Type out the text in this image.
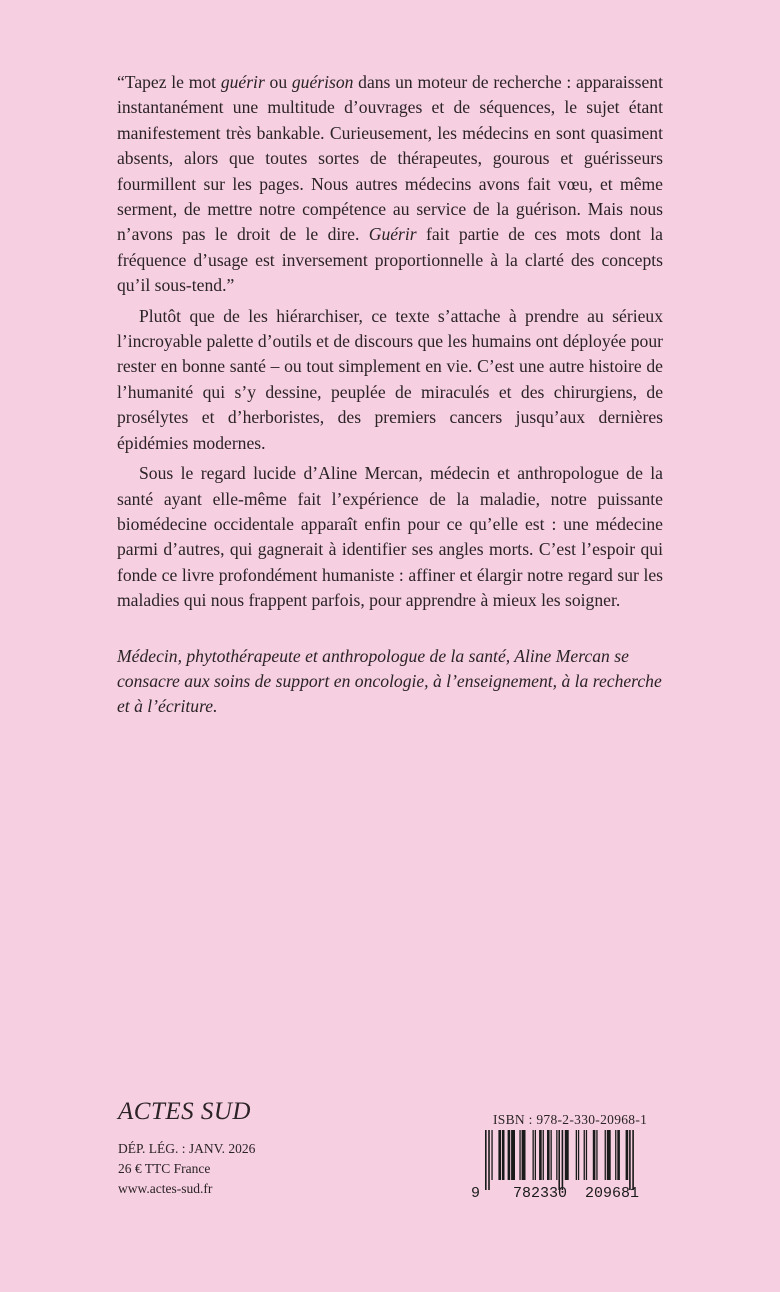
“Tapez le mot guérir ou guérison dans un moteur de recherche : apparaissent instantanément une multitude d’ouvrages et de séquences, le sujet étant manifestement très bankable. Curieusement, les médecins en sont quasiment absents, alors que toutes sortes de thérapeutes, gourous et guérisseurs fourmillent sur les pages. Nous autres médecins avons fait vœu, et même serment, de mettre notre compétence au service de la guérison. Mais nous n’avons pas le droit de le dire. Guérir fait partie de ces mots dont la fréquence d’usage est inversement proportionnelle à la clarté des concepts qu’il sous-tend.”

Plutôt que de les hiérarchiser, ce texte s’attache à prendre au sérieux l’incroyable palette d’outils et de discours que les humains ont déployée pour rester en bonne santé – ou tout simplement en vie. C’est une autre histoire de l’humanité qui s’y dessine, peuplée de miraculés et des chirurgiens, de prosélytes et d’herboristes, des premiers cancers jusqu’aux dernières épidémies modernes.

Sous le regard lucide d’Aline Mercan, médecin et anthropologue de la santé ayant elle-même fait l’expérience de la maladie, notre puissante biomédecine occidentale apparaît enfin pour ce qu’elle est : une médecine parmi d’autres, qui gagnerait à identifier ses angles morts. C’est l’espoir qui fonde ce livre profondément humaniste : affiner et élargir notre regard sur les maladies qui nous frappent parfois, pour apprendre à mieux les soigner.

Médecin, phytothérapeute et anthropologue de la santé, Aline Mercan se consacre aux soins de support en oncologie, à l’enseignement, à la recherche et à l’écriture.

ACTES SUD
DÉP. LÉG. : JANV. 2026
26 € TTC France
www.actes-sud.fr
ISBN : 978-2-330-20968-1
9 782330 209681
